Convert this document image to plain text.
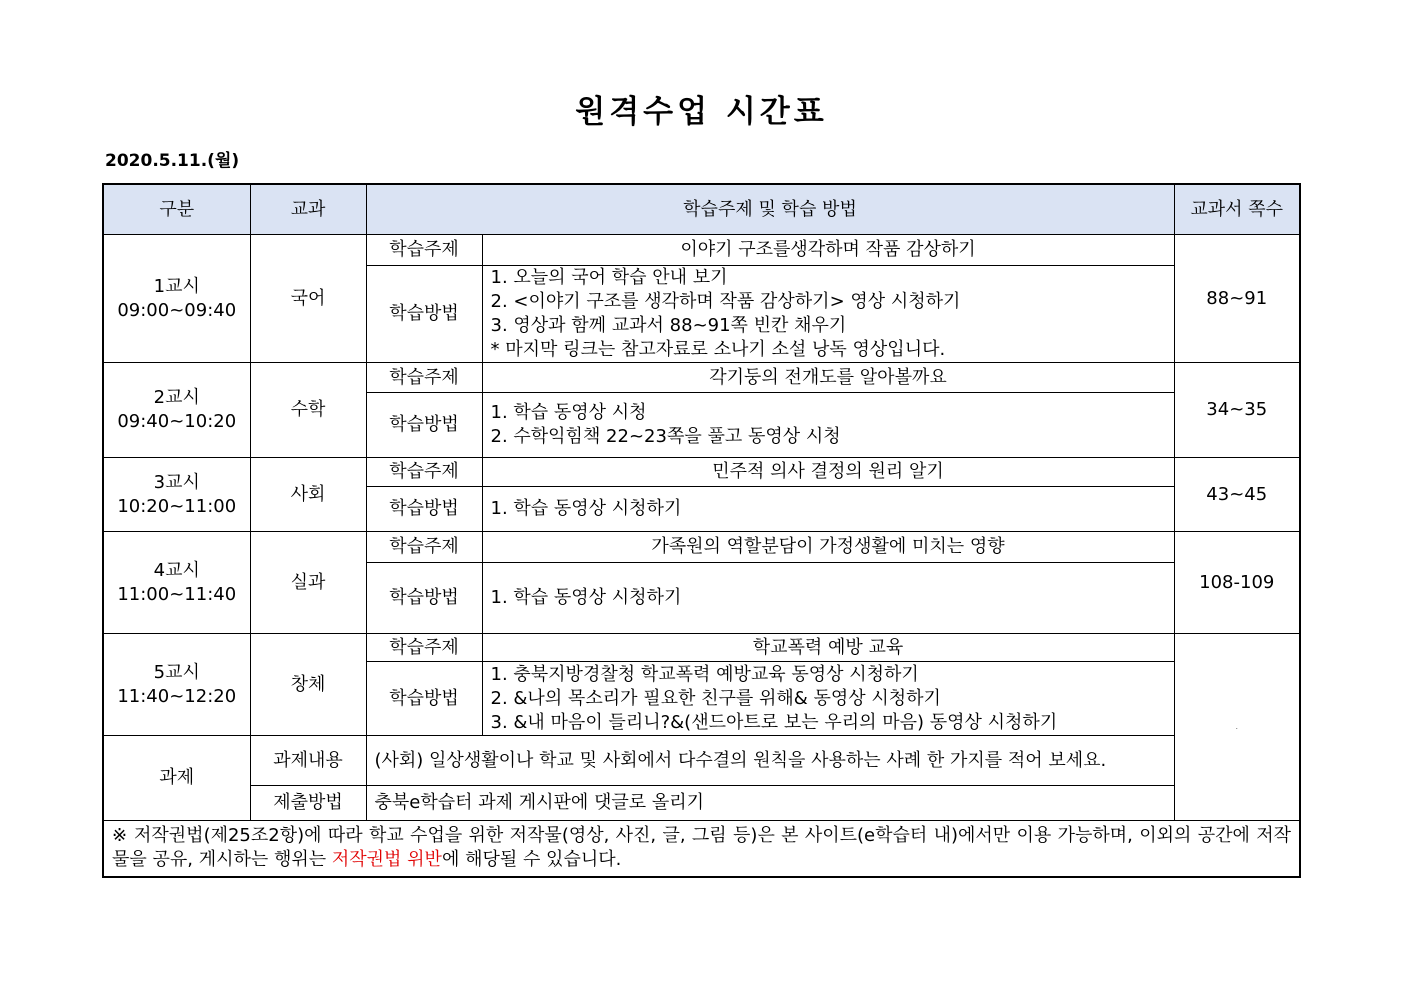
원격수업 시간표
2020.5.11.(월)
구분	교과	학습주제 및 학습 방법		교과서 쪽수

1교시
09:00~09:40	국어	학습주제	이야기 구조를생각하며 작품 감상하기	88~91
		학습방법	1. 오늘의 국어 학습 안내 보기
2. <이야기 구조를 생각하며 작품 감상하기> 영상 시청하기
3. 영상과 함께 교과서 88~91쪽 빈칸 채우기
* 마지막 링크는 참고자료로 소나기 소설 낭독 영상입니다.	

2교시
09:40~10:20	수학	학습주제	각기둥의 전개도를 알아볼까요	34~35
		학습방법	1. 학습 동영상 시청
2. 수학익힘책 22~23쪽을 풀고 동영상 시청	

3교시
10:20~11:00	사회	학습주제	민주적 의사 결정의 원리 알기	43~45
		학습방법	1. 학습 동영상 시청하기	

4교시
11:00~11:40	실과	학습주제	가족원의 역할분담이 가정생활에 미치는 영향	108-109
		학습방법	1. 학습 동영상 시청하기	

5교시
11:40~12:20	창체	학습주제	학교폭력 예방 교육	.
		학습방법	1. 충북지방경찰청 학교폭력 예방교육 동영상 시청하기
2. &나의 목소리가 필요한 친구를 위해& 동영상 시청하기
3. &내 마음이 들리니?&(샌드아트로 보는 우리의 마음) 동영상 시청하기	

과제	과제내용	(사회) 일상생활이나 학교 및 사회에서 다수결의 원칙을 사용하는 사례 한 가지를 적어 보세요.		
	제출방법	충북e학습터 과제 게시판에 댓글로 올리기		
※ 저작권법(제25조2항)에 따라 학교 수업을 위한 저작물(영상, 사진, 글, 그림 등)은 본 사이트(e학습터 내)에서만 이용 가능하며, 이외의 공간에 저작물을 공유, 게시하는 행위는 저작권법 위반에 해당될 수 있습니다.				
